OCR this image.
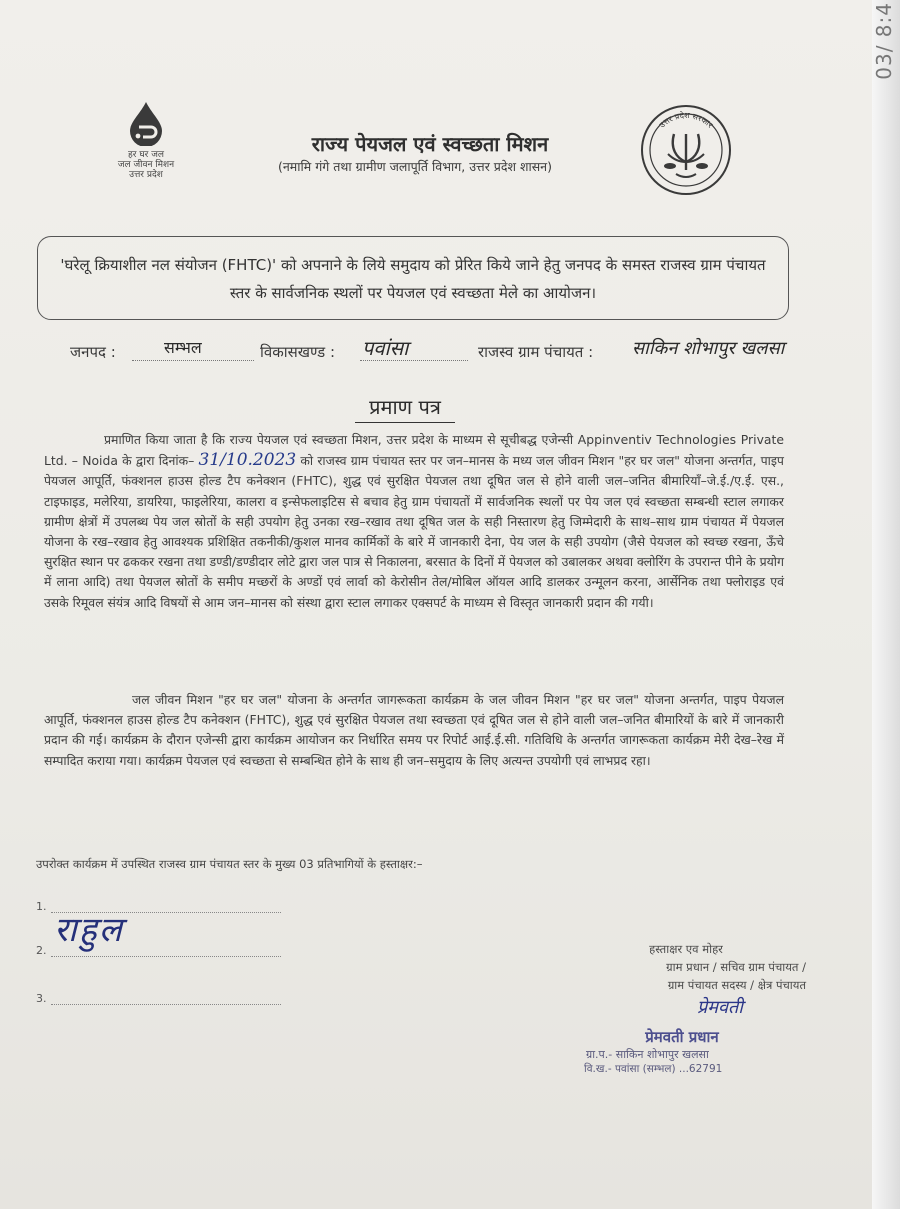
03/ 8:4
हर घर जल
जल जीवन मिशन
उत्तर प्रदेश
उत्तर प्रदेश सरकार
राज्य पेयजल एवं स्वच्छता मिशन
(नमामि गंगे तथा ग्रामीण जलापूर्ति विभाग, उत्तर प्रदेश शासन)
'घरेलू क्रियाशील नल संयोजन (FHTC)' को अपनाने के लिये समुदाय को प्रेरित किये जाने हेतु जनपद के समस्त राजस्व ग्राम पंचायत स्तर के सार्वजनिक स्थलों पर पेयजल एवं स्वच्छता मेले का आयोजन।
जनपद :	सम्भल	विकासखण्ड : पवांसा	राजस्व ग्राम पंचायत : साकिन शोभापुर खलसा
प्रमाण पत्र
प्रमाणित किया जाता है कि राज्य पेयजल एवं स्वच्छता मिशन, उत्तर प्रदेश के माध्यम से सूचीबद्ध एजेन्सी Appinventiv Technologies Private Ltd. – Noida के द्वारा दिनांक– 31/10.2023 को राजस्व ग्राम पंचायत स्तर पर जन–मानस के मध्य जल जीवन मिशन "हर घर जल" योजना अन्तर्गत, पाइप पेयजल आपूर्ति, फंक्शनल हाउस होल्ड टैप कनेक्शन (FHTC), शुद्ध एवं सुरक्षित पेयजल तथा दूषित जल से होने वाली जल–जनित बीमारियाँ–जे.ई./ए.ई. एस., टाइफाइड, मलेरिया, डायरिया, फाइलेरिया, कालरा व इन्सेफलाइटिस से बचाव हेतु ग्राम पंचायतों में सार्वजनिक स्थलों पर पेय जल एवं स्वच्छता सम्बन्धी स्टाल लगाकर ग्रामीण क्षेत्रों में उपलब्ध पेय जल स्रोतों के सही उपयोग हेतु उनका रख–रखाव तथा दूषित जल के सही निस्तारण हेतु जिम्मेदारी के साथ–साथ ग्राम पंचायत में पेयजल योजना के रख–रखाव हेतु आवश्यक प्रशिक्षित तकनीकी/कुशल मानव कार्मिकों के बारे में जानकारी देना, पेय जल के सही उपयोग (जैसे पेयजल को स्वच्छ रखना, ऊँचे सुरक्षित स्थान पर ढककर रखना तथा डण्डी/डण्डीदार लोटे द्वारा जल पात्र से निकालना, बरसात के दिनों में पेयजल को उबालकर अथवा क्लोरिंग के उपरान्त पीने के प्रयोग में लाना आदि) तथा पेयजल स्रोतों के समीप मच्छरों के अण्डों एवं लार्वा को केरोसीन तेल/मोबिल ऑयल आदि डालकर उन्मूलन करना, आर्सेनिक तथा फ्लोराइड एवं उसके रिमूवल संयंत्र आदि विषयों से आम जन–मानस को संस्था द्वारा स्टाल लगाकर एक्सपर्ट के माध्यम से विस्तृत जानकारी प्रदान की गयी।
जल जीवन मिशन "हर घर जल" योजना के अन्तर्गत जागरूकता कार्यक्रम के जल जीवन मिशन "हर घर जल" योजना अन्तर्गत, पाइप पेयजल आपूर्ति, फंक्शनल हाउस होल्ड टैप कनेक्शन (FHTC), शुद्ध एवं सुरक्षित पेयजल तथा स्वच्छता एवं दूषित जल से होने वाली जल–जनित बीमारियों के बारे में जानकारी प्रदान की गई। कार्यक्रम के दौरान एजेन्सी द्वारा कार्यक्रम आयोजन कर निर्धारित समय पर रिपोर्ट आई.ई.सी. गतिविधि के अन्तर्गत जागरूकता कार्यक्रम मेरी देख–रेख में सम्पादित कराया गया। कार्यक्रम पेयजल एवं स्वच्छता से सम्बन्धित होने के साथ ही जन–समुदाय के लिए अत्यन्त उपयोगी एवं लाभप्रद रहा।
उपरोक्त कार्यक्रम में उपस्थित राजस्व ग्राम पंचायत स्तर के मुख्य 03 प्रतिभागियों के हस्ताक्षर:–
1.
राहुल
2.
3.
हस्ताक्षर एव मोहर
ग्राम प्रधान / सचिव ग्राम पंचायत /
ग्राम पंचायत सदस्य / क्षेत्र पंचायत
प्रेमवती
प्रेमवती प्रधान
ग्रा.प.- साकिन शोभापुर खलसा
वि.ख.- पवांसा (सम्भल) ...62791
